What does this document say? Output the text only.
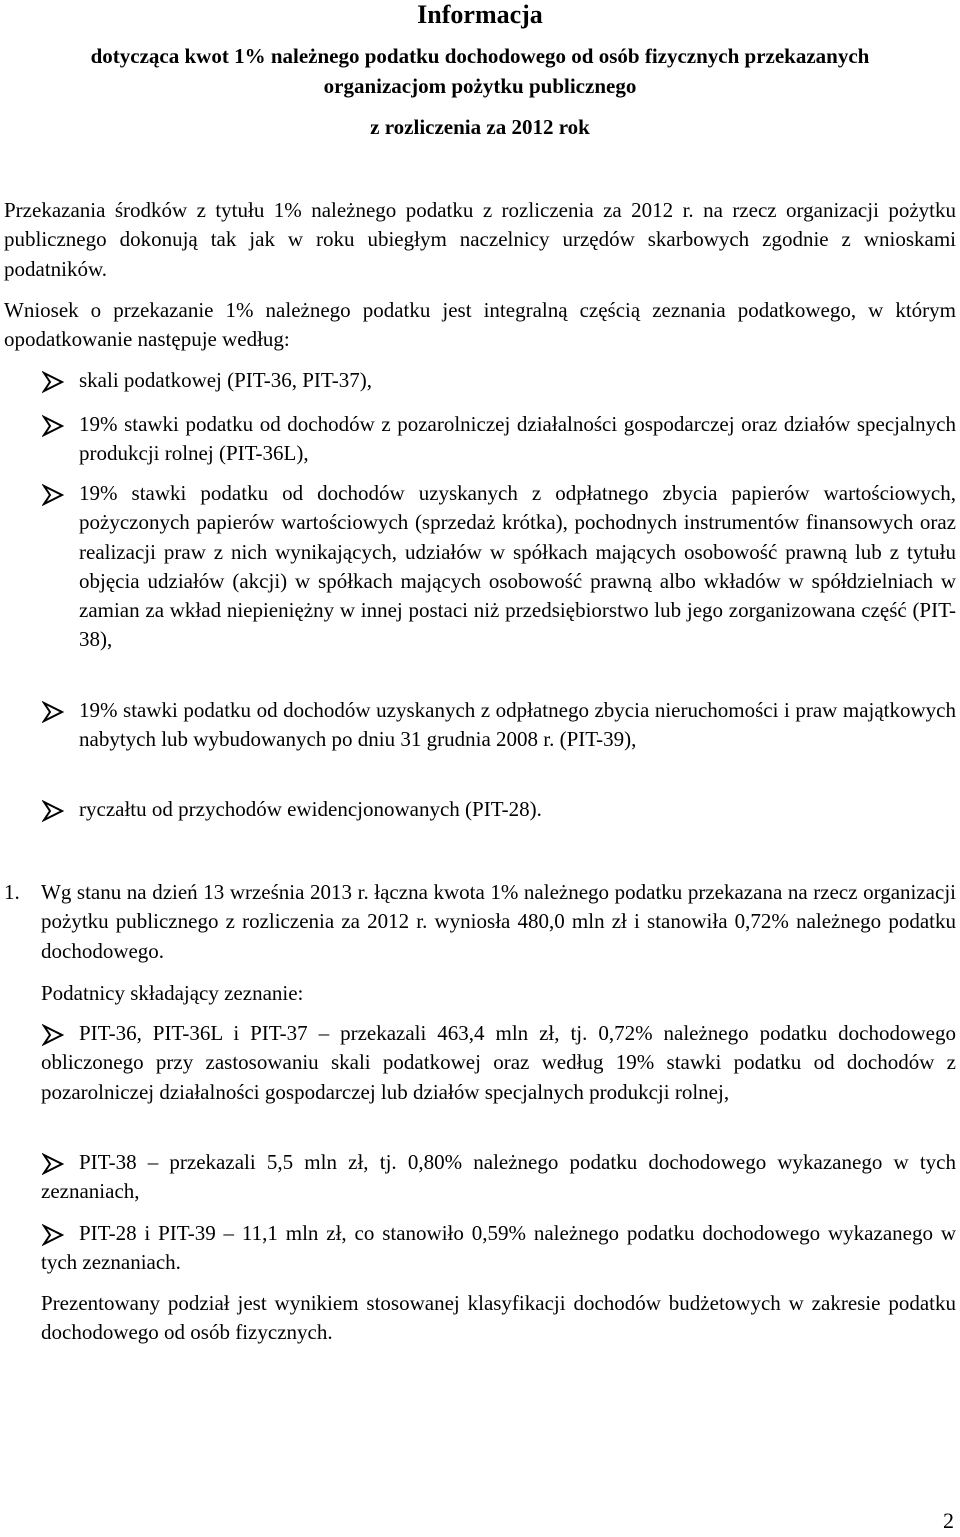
Informacja
dotycząca kwot 1% należnego podatku dochodowego od osób fizycznych przekazanych
organizacjom pożytku publicznego
z rozliczenia za 2012 rok

Przekazania środków z tytułu 1% należnego podatku z rozliczenia za 2012 r. na rzecz organizacji pożytku publicznego dokonują tak jak w roku ubiegłym naczelnicy urzędów skarbowych zgodnie z wnioskami podatników.

Wniosek o przekazanie 1% należnego podatku jest integralną częścią zeznania podatkowego, w którym opodatkowanie następuje według:

skali podatkowej (PIT-36, PIT-37),

19% stawki podatku od dochodów z pozarolniczej działalności gospodarczej oraz działów specjalnych produkcji rolnej (PIT-36L),

19% stawki podatku od dochodów uzyskanych z odpłatnego zbycia papierów wartościowych, pożyczonych papierów wartościowych (sprzedaż krótka), pochodnych instrumentów finansowych oraz realizacji praw z nich wynikających, udziałów w spółkach mających osobowość prawną lub z tytułu objęcia udziałów (akcji) w spółkach mających osobowość prawną albo wkładów w spółdzielniach w zamian za wkład niepieniężny w innej postaci niż przedsiębiorstwo lub jego zorganizowana część (PIT-38),

19% stawki podatku od dochodów uzyskanych z odpłatnego zbycia nieruchomości i praw majątkowych nabytych lub wybudowanych po dniu 31 grudnia 2008 r. (PIT-39),

ryczałtu od przychodów ewidencjonowanych (PIT-28).

1. Wg stanu na dzień 13 września 2013 r. łączna kwota 1% należnego podatku przekazana na rzecz organizacji pożytku publicznego z rozliczenia za 2012 r. wyniosła 480,0 mln zł i stanowiła 0,72% należnego podatku dochodowego.

Podatnicy składający zeznanie:

PIT-36, PIT-36L i PIT-37 – przekazali 463,4 mln zł, tj. 0,72% należnego podatku dochodowego obliczonego przy zastosowaniu skali podatkowej oraz według 19% stawki podatku od dochodów z pozarolniczej działalności gospodarczej lub działów specjalnych produkcji rolnej,

PIT-38 – przekazali 5,5 mln zł, tj. 0,80% należnego podatku dochodowego wykazanego w tych zeznaniach,

PIT-28 i PIT-39 – 11,1 mln zł, co stanowiło 0,59% należnego podatku dochodowego wykazanego w tych zeznaniach.

Prezentowany podział jest wynikiem stosowanej klasyfikacji dochodów budżetowych w zakresie podatku dochodowego od osób fizycznych.

2
